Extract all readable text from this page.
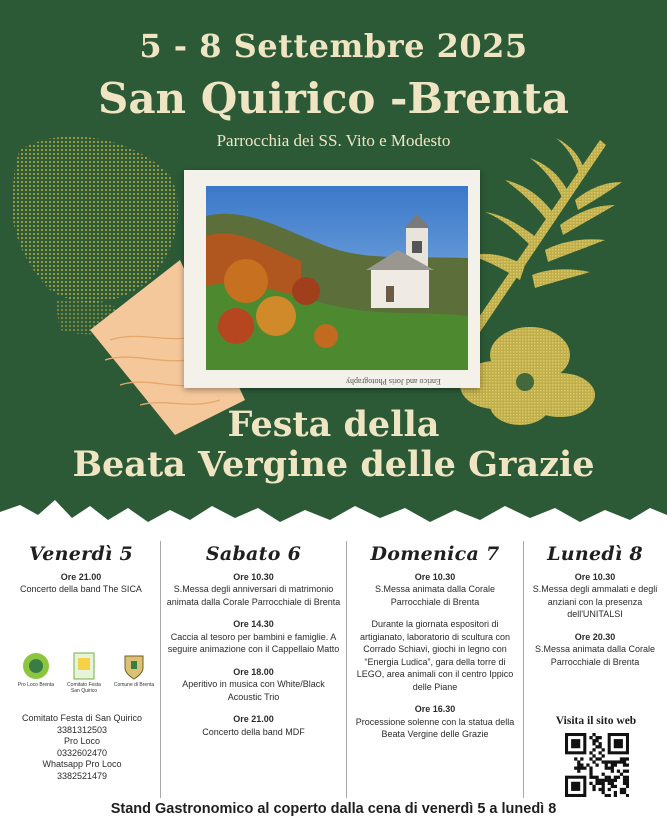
5 - 8 Settembre 2025
San Quirico -Brenta
Parrocchia dei SS. Vito e Modesto
Enrico and Joris Photography
Festa della
Beata Vergine delle Grazie
Venerdì 5
Ore 21.00
Concerto della band The SICA
Pro Loco Brenta	Comitato Festa San Quirico
Comune di Brenta
Comitato Festa di San Quirico
3381312503
Pro Loco
0332602470
Whatsapp Pro Loco
3382521479
Sabato 6
Ore 10.30
S.Messa degli anniversari di matrimonio animata dalla Corale Parrocchiale di Brenta
Ore 14.30
Caccia al tesoro per bambini e famiglie. A seguire animazione con il Cappellaio Matto
Ore 18.00
Aperitivo in musica con White/Black Acoustic Trio
Ore 21.00
Concerto della band MDF
Domenica 7
Ore 10.30
S.Messa animata dalla Corale Parrocchiale di Brenta
Durante la giornata espositori di artigianato, laboratorio di scultura con Corrado Schiavi, giochi in legno con “Energia Ludica”, gara della torre di LEGO, area animali con il centro Ippico delle Piane
Ore 16.30
Processione solenne con la statua della Beata Vergine delle Grazie
Lunedì 8
Ore 10.30
S.Messa degli ammalati e degli anziani con la presenza dell'UNITALSI
Ore 20.30
S.Messa animata dalla Corale Parrocchiale di Brenta
Visita il sito web
Stand Gastronomico al coperto dalla cena di venerdì 5 a lunedì 8
